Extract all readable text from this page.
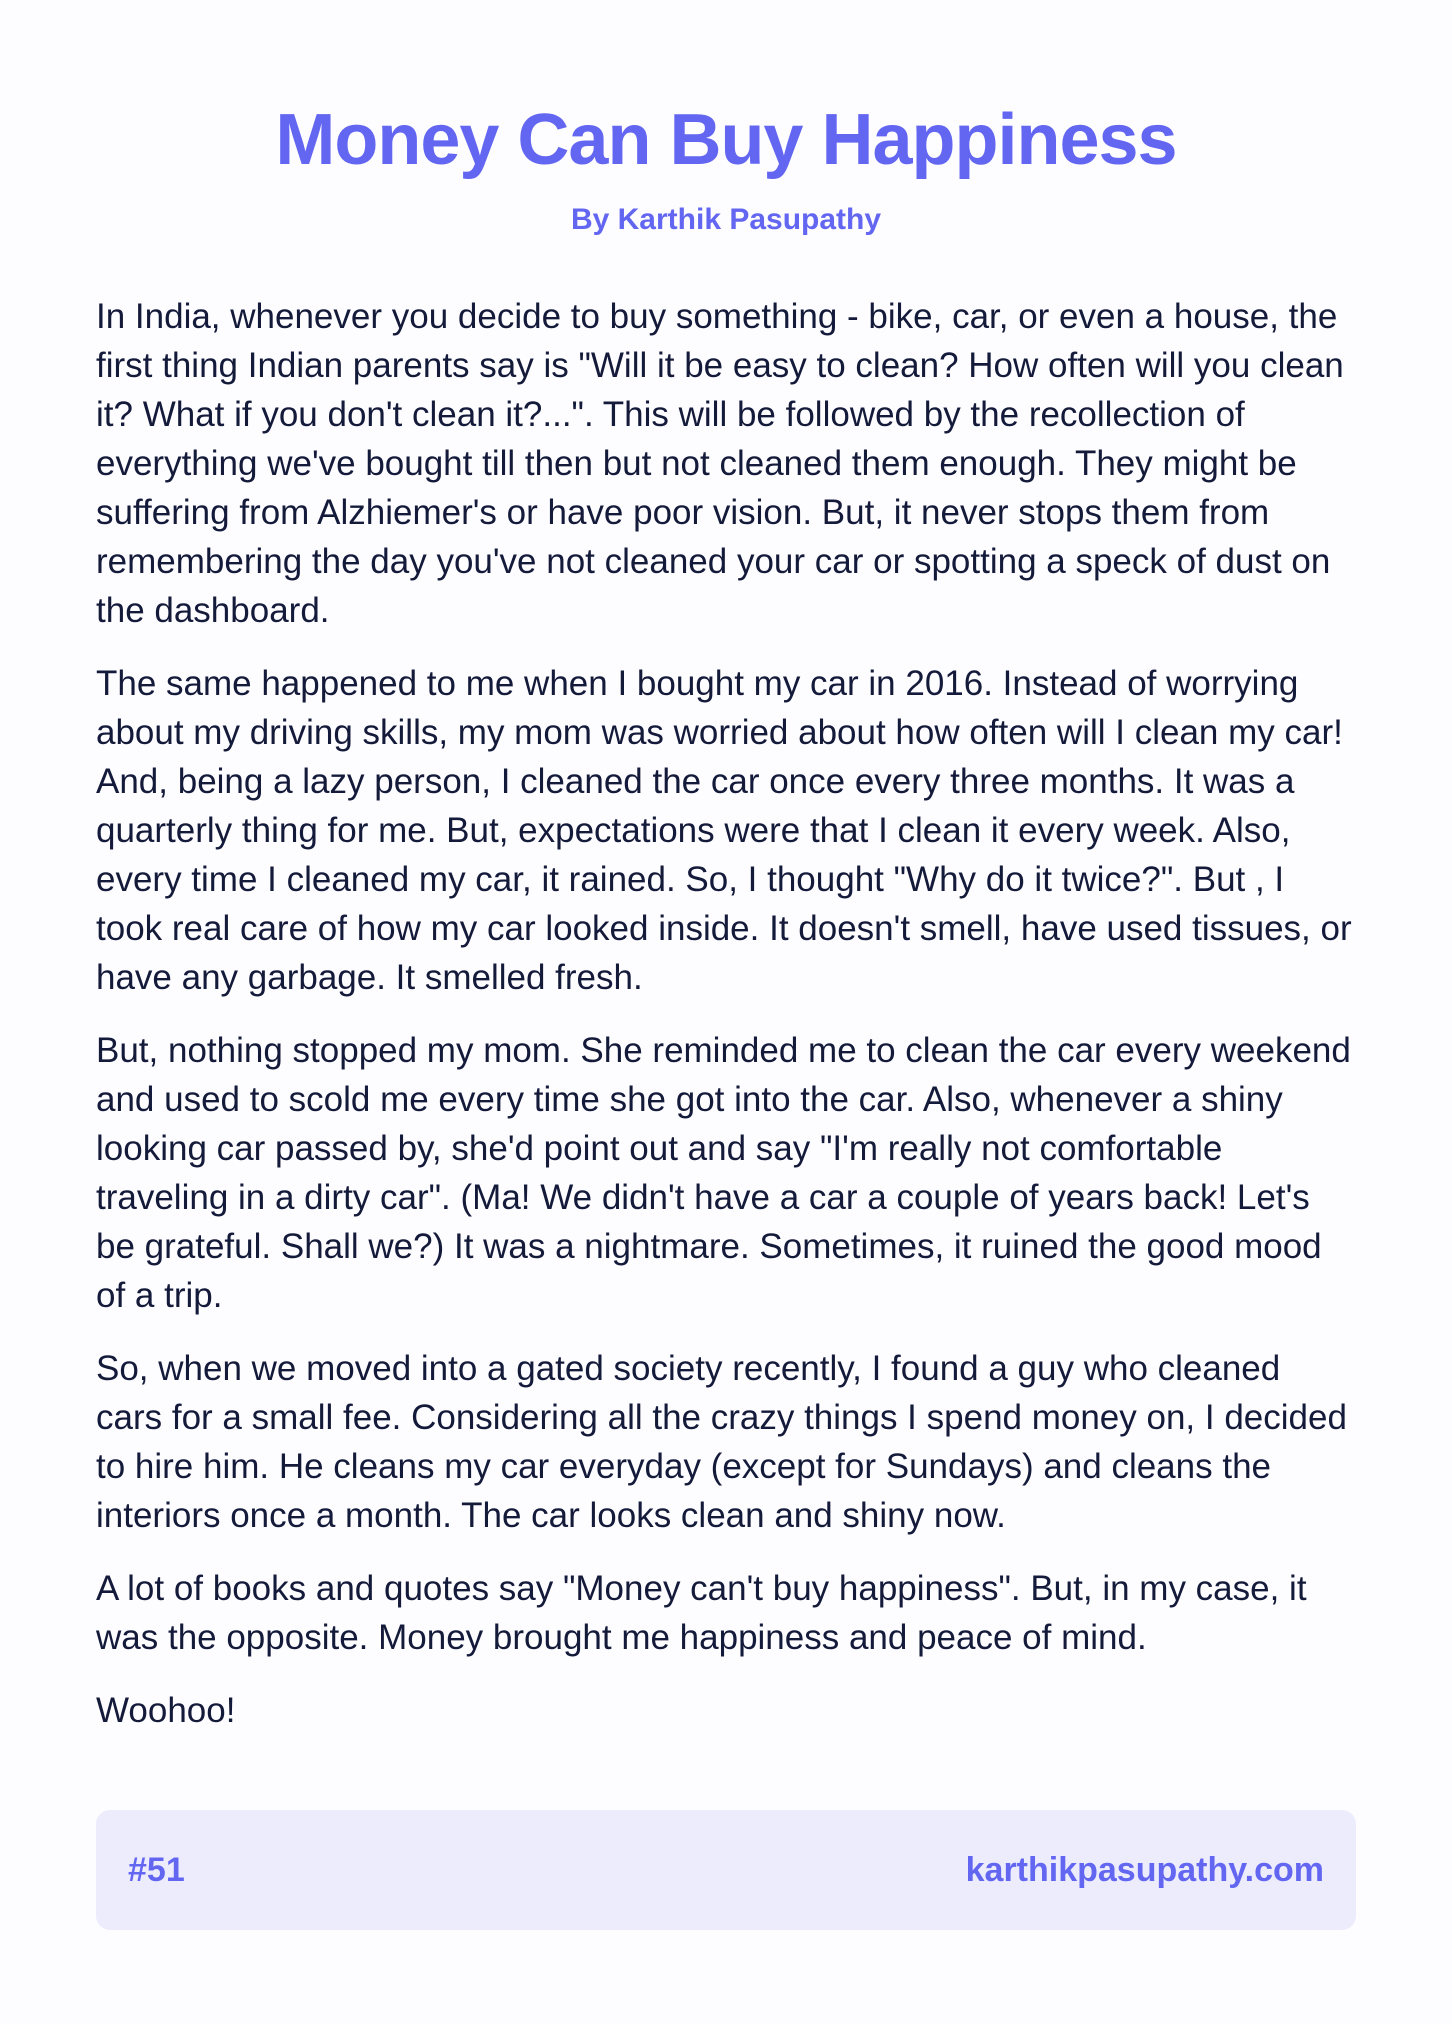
Money Can Buy Happiness
By Karthik Pasupathy

In India, whenever you decide to buy something - bike, car, or even a house, the first thing Indian parents say is "Will it be easy to clean? How often will you clean it? What if you don't clean it?...". This will be followed by the recollection of everything we've bought till then but not cleaned them enough. They might be suffering from Alzhiemer's or have poor vision. But, it never stops them from remembering the day you've not cleaned your car or spotting a speck of dust on the dashboard.

The same happened to me when I bought my car in 2016. Instead of worrying about my driving skills, my mom was worried about how often will I clean my car! And, being a lazy person, I cleaned the car once every three months. It was a quarterly thing for me. But, expectations were that I clean it every week. Also, every time I cleaned my car, it rained. So, I thought "Why do it twice?". But , I took real care of how my car looked inside. It doesn't smell, have used tissues, or have any garbage. It smelled fresh.

But, nothing stopped my mom. She reminded me to clean the car every weekend and used to scold me every time she got into the car. Also, whenever a shiny looking car passed by, she'd point out and say "I'm really not comfortable traveling in a dirty car". (Ma! We didn't have a car a couple of years back! Let's be grateful. Shall we?) It was a nightmare. Sometimes, it ruined the good mood of a trip.

So, when we moved into a gated society recently, I found a guy who cleaned cars for a small fee. Considering all the crazy things I spend money on, I decided to hire him. He cleans my car everyday (except for Sundays) and cleans the interiors once a month. The car looks clean and shiny now.

A lot of books and quotes say "Money can't buy happiness". But, in my case, it was the opposite. Money brought me happiness and peace of mind.

Woohoo!

#51	karthikpasupathy.com
